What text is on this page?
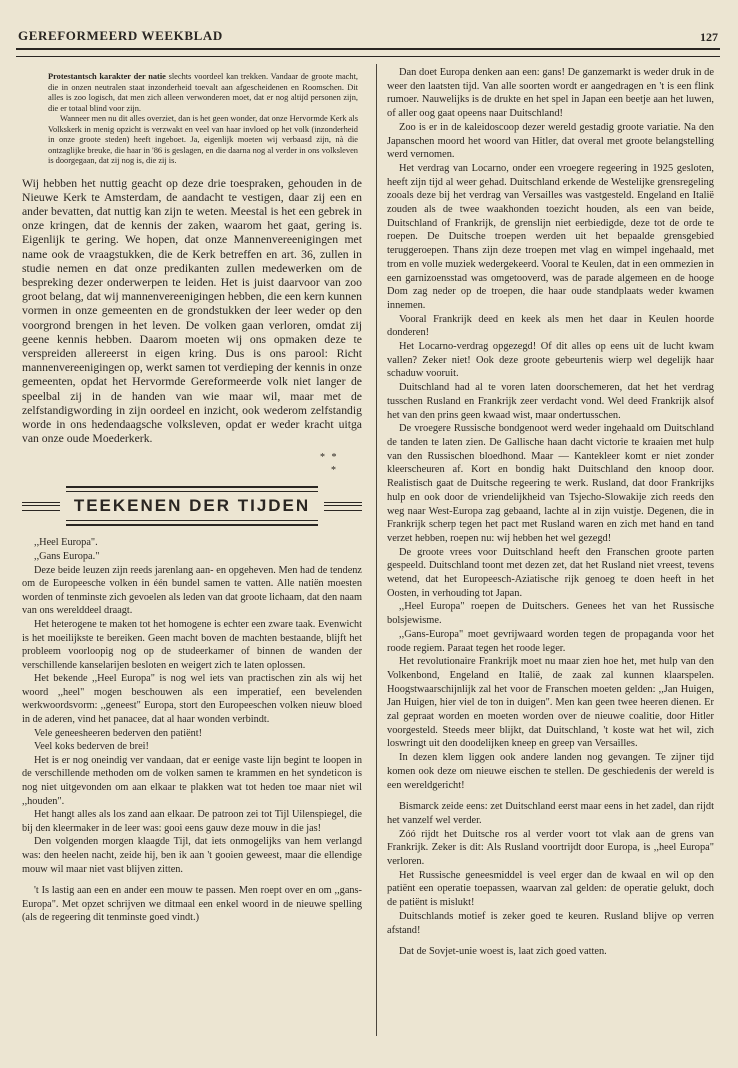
GEREFORMEERD WEEKBLAD	127

Protestantsch karakter der natie slechts voordeel kan trekken. Vandaar de groote macht, die in onzen neutralen staat inzonderheid toevalt aan afgescheidenen en Roomschen. Dit alles is zoo logisch, dat men zich alleen verwonderen moet, dat er nog altijd personen zijn, die er totaal blind voor zijn.

Wanneer men nu dit alles overziet, dan is het geen wonder, dat onze Hervormde Kerk als Volkskerk in menig opzicht is verzwakt en veel van haar invloed op het volk (inzonderheid in onze groote steden) heeft ingeboet. Ja, eigenlijk moeten wij verbaasd zijn, nà die ontzaglijke breuke, die haar in '86 is geslagen, en die daarna nog al verder in ons volksleven is doorgegaan, dat zij nog is, die zij is.

Wij hebben het nuttig geacht op deze drie toespraken, gehouden in de Nieuwe Kerk te Amsterdam, de aandacht te vestigen, daar zij een en ander bevatten, dat nuttig kan zijn te weten. Meestal is het een gebrek in onze kringen, dat de kennis der zaken, waarom het gaat, gering is. Eigenlijk te gering. We hopen, dat onze Mannenvereenigingen met name ook de vraagstukken, die de Kerk betreffen en art. 36, zullen in studie nemen en dat onze predikanten zullen medewerken om de bespreking dezer onderwerpen te leiden. Het is juist daarvoor van zoo groot belang, dat wij mannenvereenigingen hebben, die een kern kunnen vormen in onze gemeenten en de grondstukken der leer weder op den voorgrond brengen in het leven. De volken gaan verloren, omdat zij geene kennis hebben. Daarom moeten wij ons opmaken deze te verspreiden allereerst in eigen kring. Dus is ons parool: Richt mannenvereenigingen op, werkt samen tot verdieping der kennis in onze gemeenten, opdat het Hervormde Gereformeerde volk niet langer de speelbal zij in de handen van wie maar wil, maar met de zelfstandigwording in zijn oordeel en inzicht, ook wederom zelfstandig worde in ons hedendaagsche volksleven, opdat er weder kracht uitga van onze oude Moederkerk.

* *
*
TEEKENEN DER TIJDEN

,,Heel Europa".

,,Gans Europa."

Deze beide leuzen zijn reeds jarenlang aan- en opgeheven. Men had de tendenz om de Europeesche volken in één bundel samen te vatten. Alle natiën moesten worden of tenminste zich gevoelen als leden van dat groote lichaam, dat den naam van ons werelddeel draagt.

Het heterogene te maken tot het homogene is echter een zware taak. Evenwicht is het moeilijkste te bereiken. Geen macht boven de machten bestaande, blijft het probleem voorloopig nog op de studeerkamer of binnen de wanden der verschillende kanselarijen besloten en weigert zich te laten oplossen.

Het bekende ,,Heel Europa" is nog wel iets van practischen zin als wij het woord ,,heel" mogen beschouwen als een imperatief, een bevelenden werkwoordsvorm: ,,geneest" Europa, stort den Europeeschen volken nieuw bloed in de aderen, vind het panacee, dat al haar wonden verbindt.

Vele geneesheeren bederven den patiënt!

Veel koks bederven de brei!

Het is er nog oneindig ver vandaan, dat er eenige vaste lijn begint te loopen in de verschillende methoden om de volken samen te krammen en het syndeticon is nog niet uitgevonden om aan elkaar te plakken wat tot heden toe maar niet wil ,,houden".

Het hangt alles als los zand aan elkaar. De patroon zei tot Tijl Uilenspiegel, die bij den kleermaker in de leer was: gooi eens gauw deze mouw in die jas!

Den volgenden morgen klaagde Tijl, dat iets onmogelijks van hem verlangd was: den heelen nacht, zeide hij, ben ik aan 't gooien geweest, maar die ellendige mouw wil maar niet vast blijven zitten.

't Is lastig aan een en ander een mouw te passen. Men roept over en om ,,gans-Europa". Met opzet schrijven we ditmaal een enkel woord in de nieuwe spelling (als de regeering dit tenminste goed vindt.)

Dan doet Europa denken aan een: gans! De ganzemarkt is weder druk in de weer den laatsten tijd. Van alle soorten wordt er aangedragen en 't is een flink rumoer. Nauwelijks is de drukte en het spel in Japan een beetje aan het luwen, of aller oog gaat opeens naar Duitschland!

Zoo is er in de kaleidoscoop dezer wereld gestadig groote variatie. Na den Japanschen moord het woord van Hitler, dat overal met groote belangstelling werd vernomen.

Het verdrag van Locarno, onder een vroegere regeering in 1925 gesloten, heeft zijn tijd al weer gehad. Duitschland erkende de Westelijke grensregeling zooals deze bij het verdrag van Versailles was vastgesteld. Engeland en Italië zouden als de twee waakhonden toezicht houden, als een van beide, Duitschland of Frankrijk, de grenslijn niet eerbiedigde, deze tot de orde te roepen. De Duitsche troepen werden uit het bepaalde grensgebied teruggeroepen. Thans zijn deze troepen met vlag en wimpel ingehaald, met trom en volle muziek wedergekeerd. Vooral te Keulen, dat in een ommezien in een garnizoensstad was omgetooverd, was de parade algemeen en de hooge Dom zag neder op de troepen, die haar oude standplaats weder kwamen innemen.

Vooral Frankrijk deed en keek als men het daar in Keulen hoorde donderen!

Het Locarno-verdrag opgezegd! Of dit alles op eens uit de lucht kwam vallen? Zeker niet! Ook deze groote gebeurtenis wierp wel degelijk haar schaduw vooruit.

Duitschland had al te voren laten doorschemeren, dat het het verdrag tusschen Rusland en Frankrijk zeer verdacht vond. Wel deed Frankrijk alsof het van den prins geen kwaad wist, maar ondertusschen.

De vroegere Russische bondgenoot werd weder ingehaald om Duitschland de tanden te laten zien. De Gallische haan dacht victorie te kraaien met hulp van den Russischen bloedhond. Maar — Kantekleer komt er niet zonder kleerscheuren af. Kort en bondig hakt Duitschland den knoop door. Realistisch gaat de Duitsche regeering te werk. Rusland, dat door Frankrijks hulp en ook door de vriendelijkheid van Tsjecho-Slowakije zich reeds den weg naar West-Europa zag gebaand, lachte al in zijn vuistje. Degenen, die in Frankrijk scherp tegen het pact met Rusland waren en zich met hand en tand verzet hebben, roepen nu: wij hebben het wel gezegd!

De groote vrees voor Duitschland heeft den Franschen groote parten gespeeld. Duitschland toont met dezen zet, dat het Rusland niet vreest, tevens wetend, dat het Europeesch-Aziatische rijk genoeg te doen heeft in het Oosten, in verhouding tot Japan.

,,Heel Europa" roepen de Duitschers. Genees het van het Russische bolsjewisme.

,,Gans-Europa" moet gevrijwaard worden tegen de propaganda voor het roode regiem. Paraat tegen het roode leger.

Het revolutionaire Frankrijk moet nu maar zien hoe het, met hulp van den Volkenbond, Engeland en Italië, de zaak zal kunnen klaarspelen. Hoogstwaarschijnlijk zal het voor de Franschen moeten gelden: ,,Jan Huigen, Jan Huigen, hier viel de ton in duigen". Men kan geen twee heeren dienen. Er zal gepraat worden en moeten worden over de nieuwe coalitie, door Hitler voorgesteld. Steeds meer blijkt, dat Duitschland, 't koste wat het wil, zich loswringt uit den doodelijken kneep en greep van Versailles.

In dezen klem liggen ook andere landen nog gevangen. Te zijner tijd komen ook deze om nieuwe eischen te stellen. De geschiedenis der wereld is een wereldgericht!

Bismarck zeide eens: zet Duitschland eerst maar eens in het zadel, dan rijdt het vanzelf wel verder.

Zóó rijdt het Duitsche ros al verder voort tot vlak aan de grens van Frankrijk. Zeker is dit: Als Rusland voortrijdt door Europa, is ,,heel Europa" verloren.

Het Russische geneesmiddel is veel erger dan de kwaal en wil op den patiënt een operatie toepassen, waarvan zal gelden: de operatie gelukt, doch de patiënt is mislukt!

Duitschlands motief is zeker goed te keuren. Rusland blijve op verren afstand!

Dat de Sovjet-unie woest is, laat zich goed vatten.
